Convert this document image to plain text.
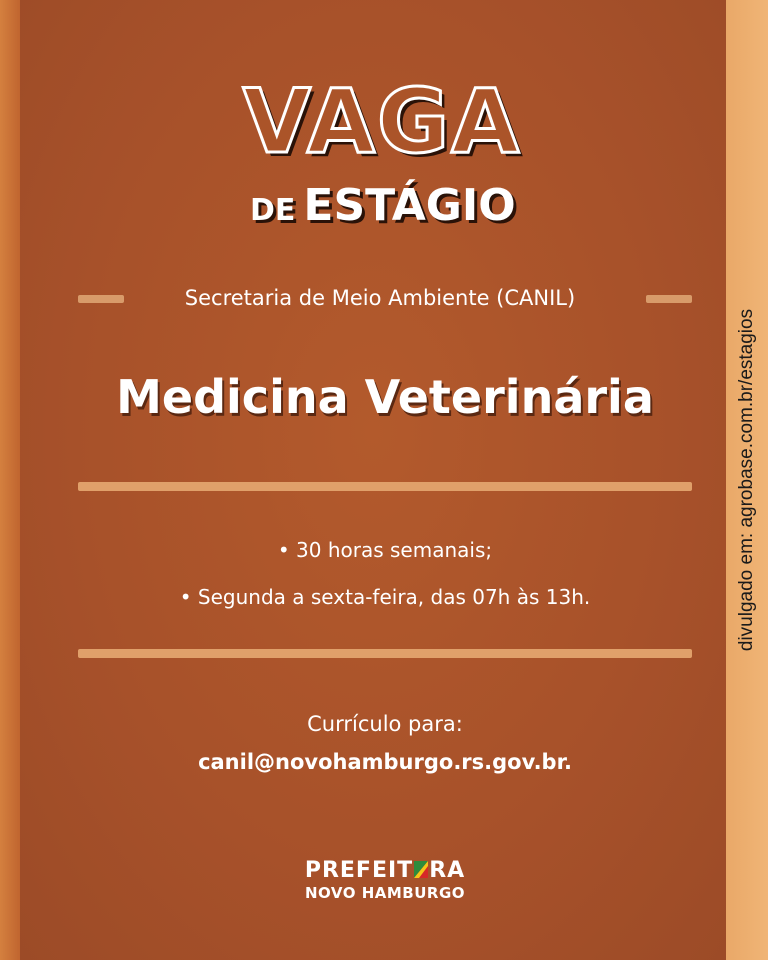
divulgado em: agrobase.com.br/estagios
VAGA
DE ESTÁGIO
Secretaria de Meio Ambiente (CANIL)
Medicina Veterinária
• 30 horas semanais;
• Segunda a sexta-feira, das 07h às 13h.
Currículo para:
canil@novohamburgo.rs.gov.br.
PREFEIT RA
NOVO HAMBURGO
